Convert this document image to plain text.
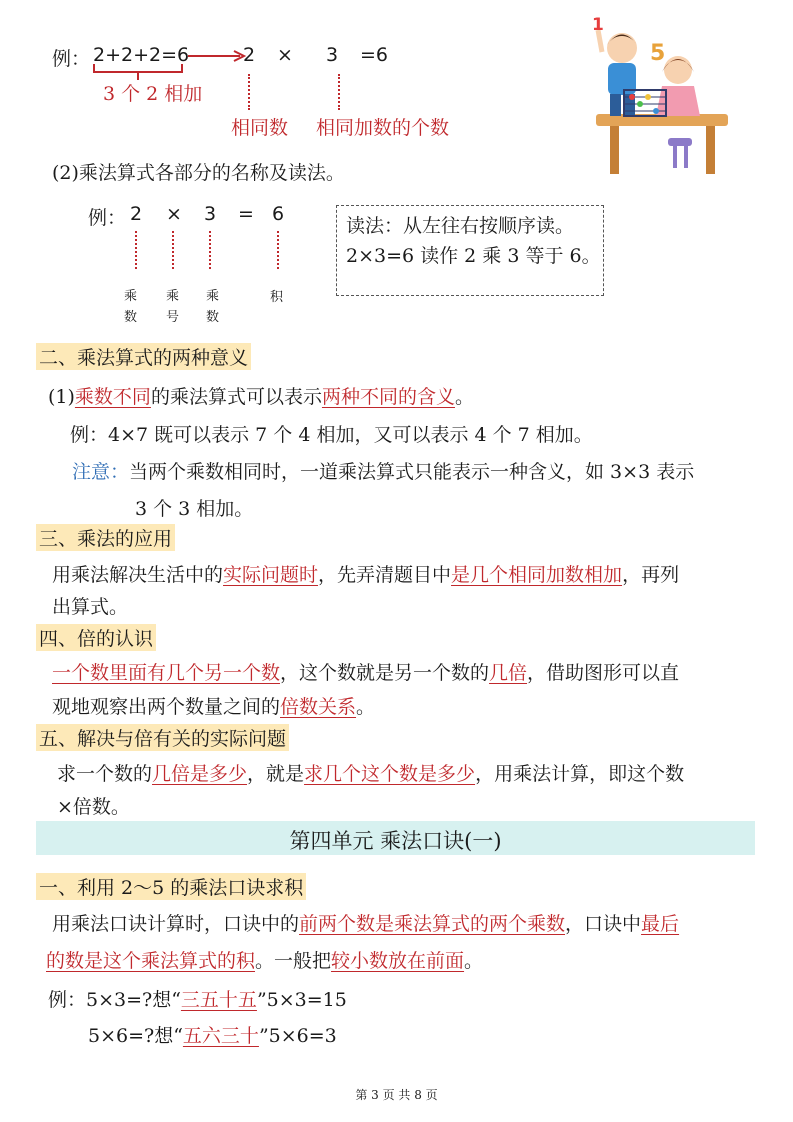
例： 2+2+2=6	2 × 3 =6
3 个 2 相加
相同数 相同加数的个数
1
5
(2)乘法算式各部分的名称及读法。
例： 2 × 3 = 6
乘
数
乘
号
乘
数
积
读法：从左往右按顺序读。
2×3=6 读作 2 乘 3 等于 6。
二、乘法算式的两种意义
(1)乘数不同的乘法算式可以表示两种不同的含义。
例：4×7 既可以表示 7 个 4 相加，又可以表示 4 个 7 相加。
注意：当两个乘数相同时，一道乘法算式只能表示一种含义，如 3×3 表示
3 个 3 相加。
三、乘法的应用
用乘法解决生活中的实际问题时，先弄清题目中是几个相同加数相加，再列
出算式。
四、倍的认识
一个数里面有几个另一个数，这个数就是另一个数的几倍，借助图形可以直
观地观察出两个数量之间的倍数关系。
五、解决与倍有关的实际问题
求一个数的几倍是多少，就是求几个这个数是多少，用乘法计算，即这个数
×倍数。
第四单元 乘法口诀(一)
一、利用 2～5 的乘法口诀求积
用乘法口诀计算时，口诀中的前两个数是乘法算式的两个乘数，口诀中最后
的数是这个乘法算式的积。一般把较小数放在前面。
例：5×3=?想“三五十五”5×3=15
5×6=?想“五六三十”5×6=3
第 3 页 共 8 页
